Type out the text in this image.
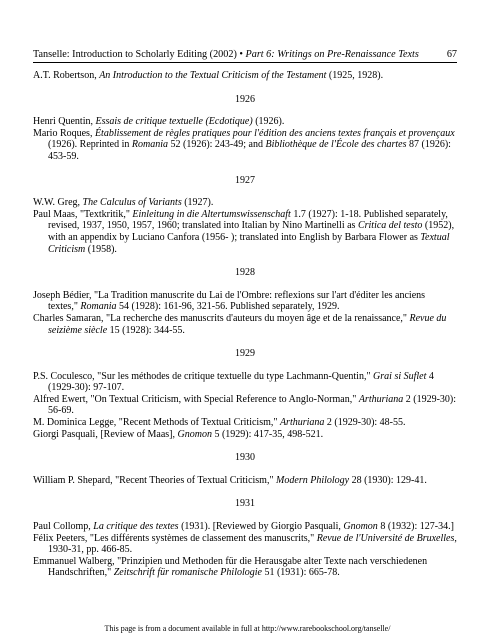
Tanselle: Introduction to Scholarly Editing (2002) • Part 6: Writings on Pre-Renaissance Texts	67
A.T. Robertson, An Introduction to the Textual Criticism of the Testament (1925, 1928).
1926
Henri Quentin, Essais de critique textuelle (Ecdotique) (1926).
Mario Roques, Établissement de règles pratiques pour l'édition des anciens textes français et provençaux (1926). Reprinted in Romania 52 (1926): 243-49; and Bibliothèque de l'École des chartes 87 (1926): 453-59.
1927
W.W. Greg, The Calculus of Variants (1927).
Paul Maas, "Textkritik," Einleitung in die Altertumswissenschaft 1.7 (1927): 1-18. Published separately, revised, 1937, 1950, 1957, 1960; translated into Italian by Nino Martinelli as Critica del testo (1952), with an appendix by Luciano Canfora (1956- ); translated into English by Barbara Flower as Textual Criticism (1958).
1928
Joseph Bédier, "La Tradition manuscrite du Lai de l'Ombre: reflexions sur l'art d'éditer les anciens textes," Romania 54 (1928): 161-96, 321-56. Published separately, 1929.
Charles Samaran, "La recherche des manuscrits d'auteurs du moyen âge et de la renaissance," Revue du seizième siècle 15 (1928): 344-55.
1929
P.S. Coculesco, "Sur les méthodes de critique textuelle du type Lachmann-Quentin," Grai si Suflet 4 (1929-30): 97-107.
Alfred Ewert, "On Textual Criticism, with Special Reference to Anglo-Norman," Arthuriana 2 (1929-30): 56-69.
M. Dominica Legge, "Recent Methods of Textual Criticism," Arthuriana 2 (1929-30): 48-55.
Giorgi Pasquali, [Review of Maas], Gnomon 5 (1929): 417-35, 498-521.
1930
William P. Shepard, "Recent Theories of Textual Criticism," Modern Philology 28 (1930): 129-41.
1931
Paul Collomp, La critique des textes (1931). [Reviewed by Giorgio Pasquali, Gnomon 8 (1932): 127-34.]
Félix Peeters, "Les différents systèmes de classement des manuscrits," Revue de l'Université de Bruxelles, 1930-31, pp. 466-85.
Emmanuel Walberg, "Prinzipien und Methoden für die Herausgabe alter Texte nach verschiedenen Handschriften," Zeitschrift für romanische Philologie 51 (1931): 665-78.
This page is from a document available in full at http://www.rarebookschool.org/tanselle/
